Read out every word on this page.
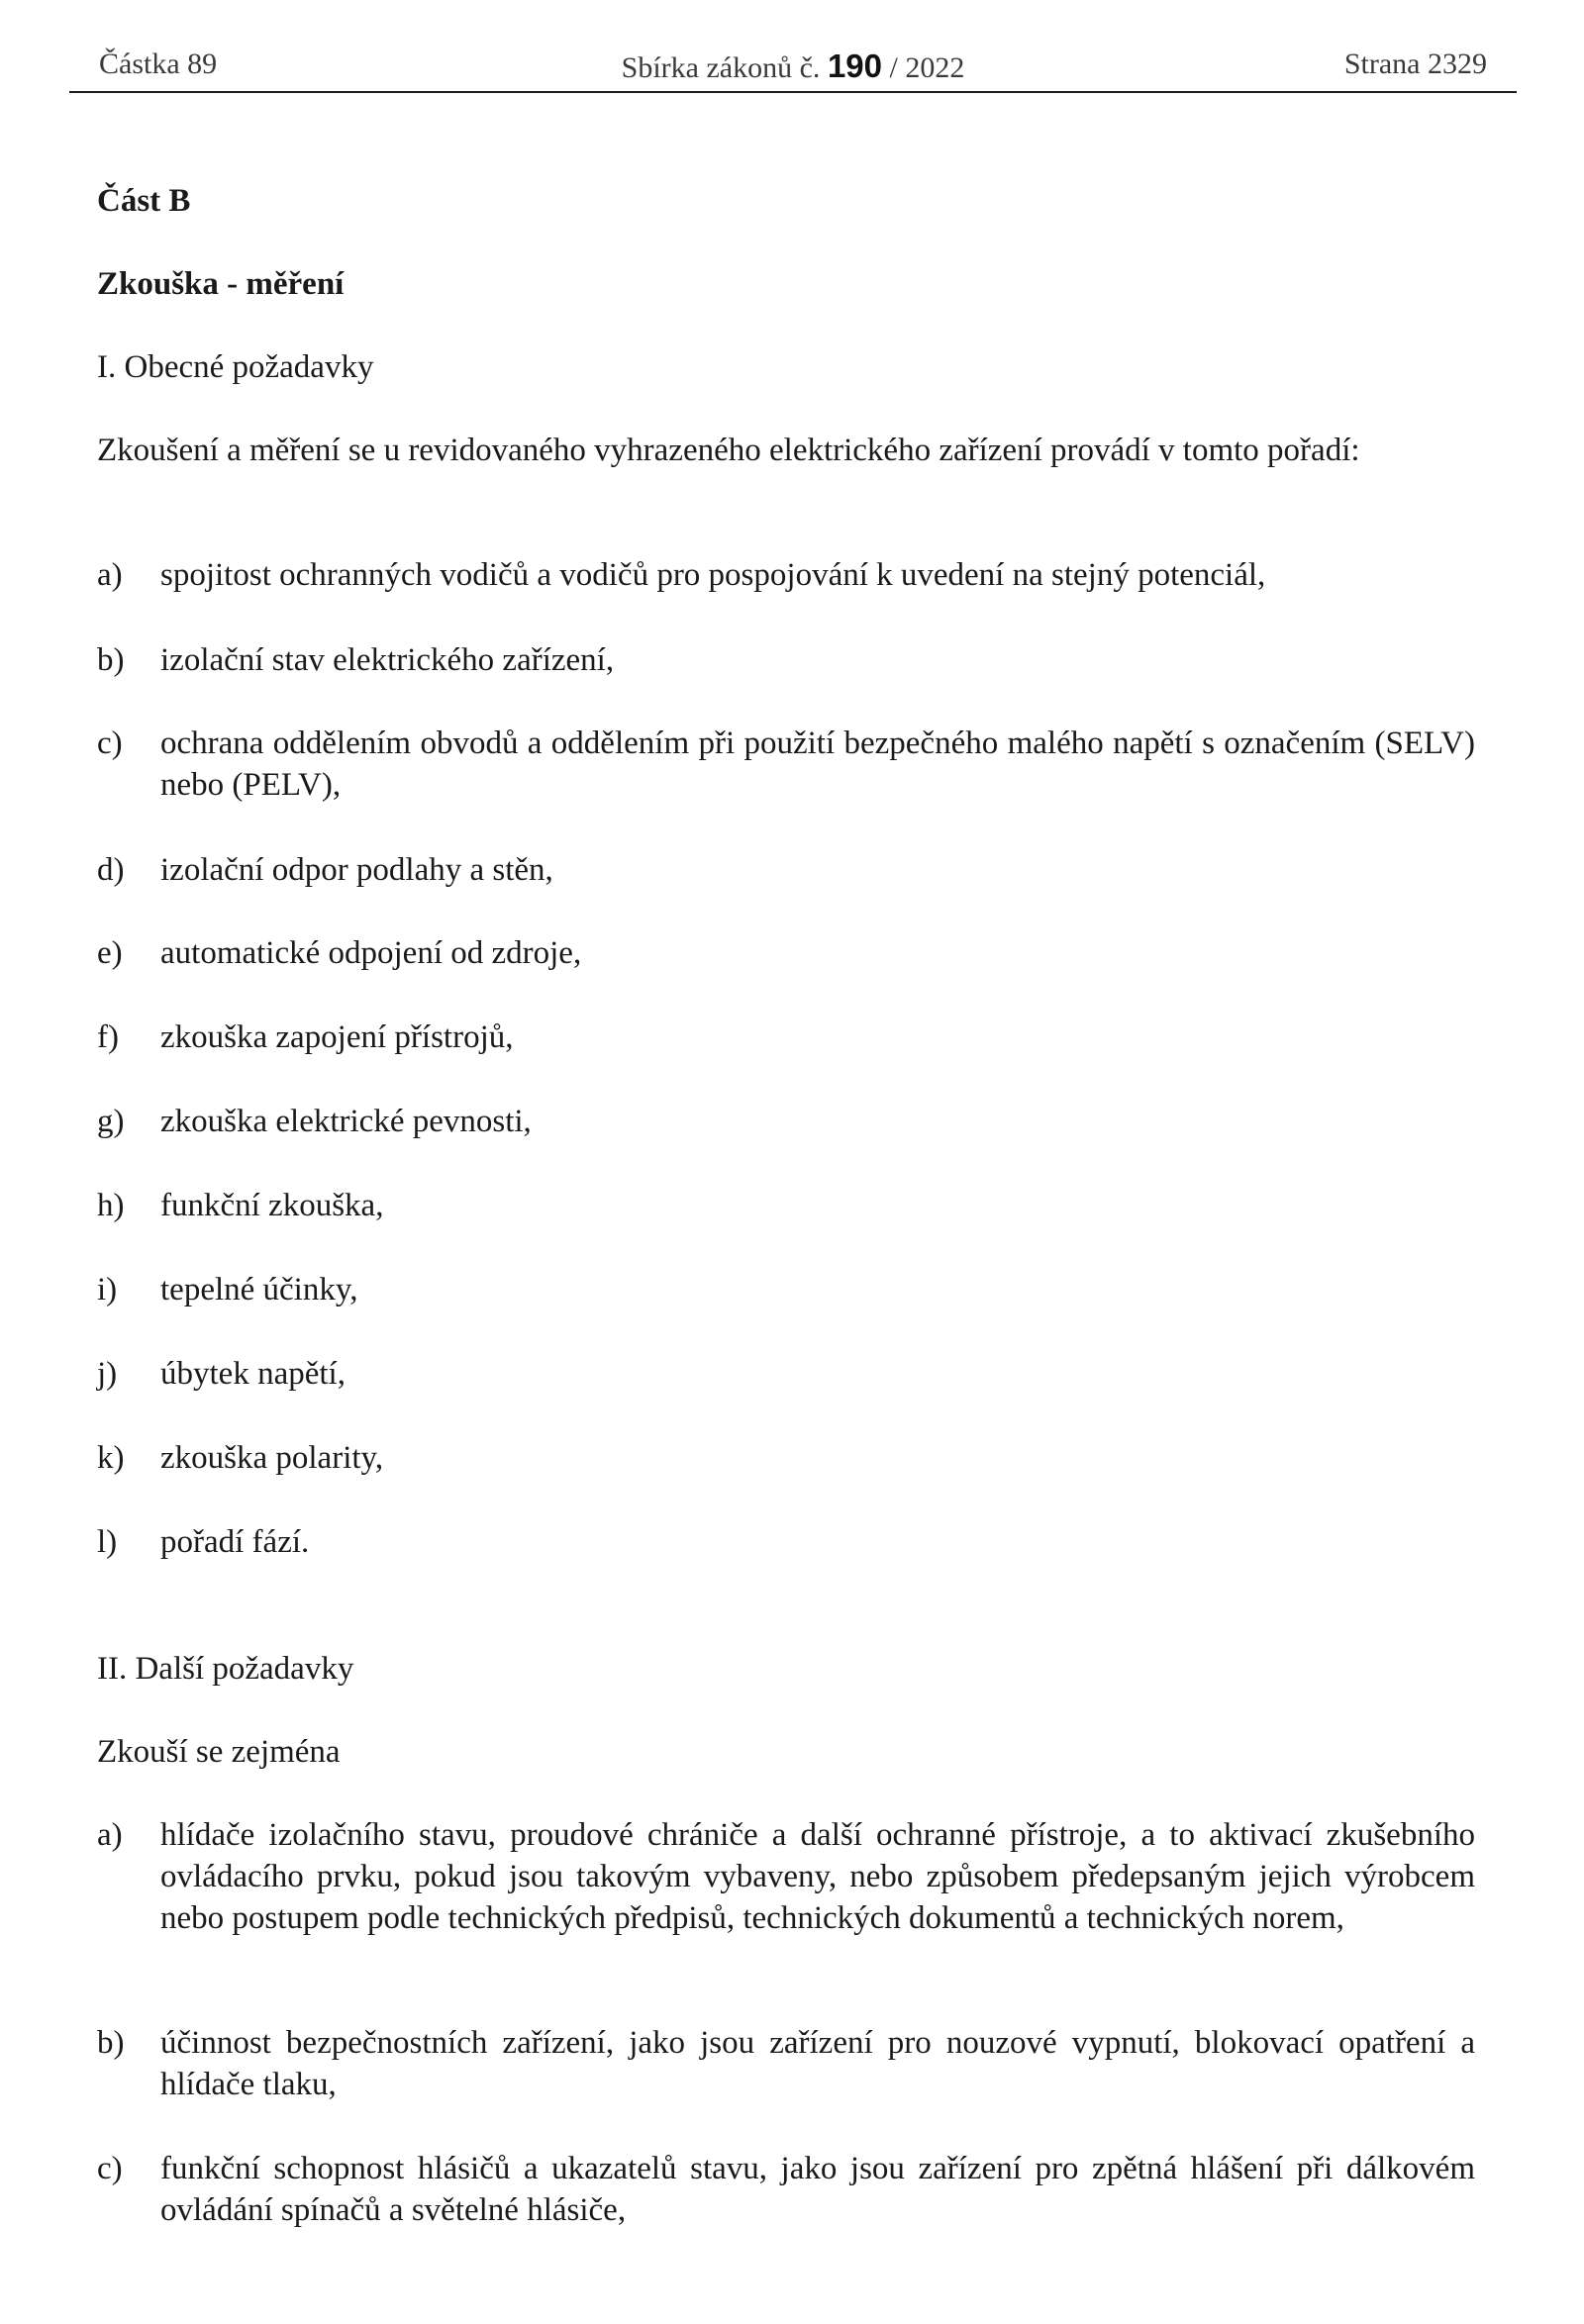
Částka 89	Sbírka zákonů č. 190 / 2022	Strana 2329
Část B
Zkouška - měření
I. Obecné požadavky
Zkoušení a měření se u revidovaného vyhrazeného elektrického zařízení provádí v tomto pořadí:
a)	spojitost ochranných vodičů a vodičů pro pospojování k uvedení na stejný potenciál,
b)	izolační stav elektrického zařízení,
c)	ochrana oddělením obvodů a oddělením při použití bezpečného malého napětí s označením (SELV) nebo (PELV),
d)	izolační odpor podlahy a stěn,
e)	automatické odpojení od zdroje,
f)	zkouška zapojení přístrojů,
g)	zkouška elektrické pevnosti,
h)	funkční zkouška,
i)	tepelné účinky,
j)	úbytek napětí,
k)	zkouška polarity,
l)	pořadí fází.
II. Další požadavky
Zkouší se zejména
a)	hlídače izolačního stavu, proudové chrániče a další ochranné přístroje, a to aktivací zkušebního ovládacího prvku, pokud jsou takovým vybaveny, nebo způsobem předepsaným jejich výrobcem nebo postupem podle technických předpisů, technických dokumentů a technických norem,
b)	účinnost bezpečnostních zařízení, jako jsou zařízení pro nouzové vypnutí, blokovací opatření a hlídače tlaku,
c)	funkční schopnost hlásičů a ukazatelů stavu, jako jsou zařízení pro zpětná hlášení při dálkovém ovládání spínačů a světelné hlásiče,
